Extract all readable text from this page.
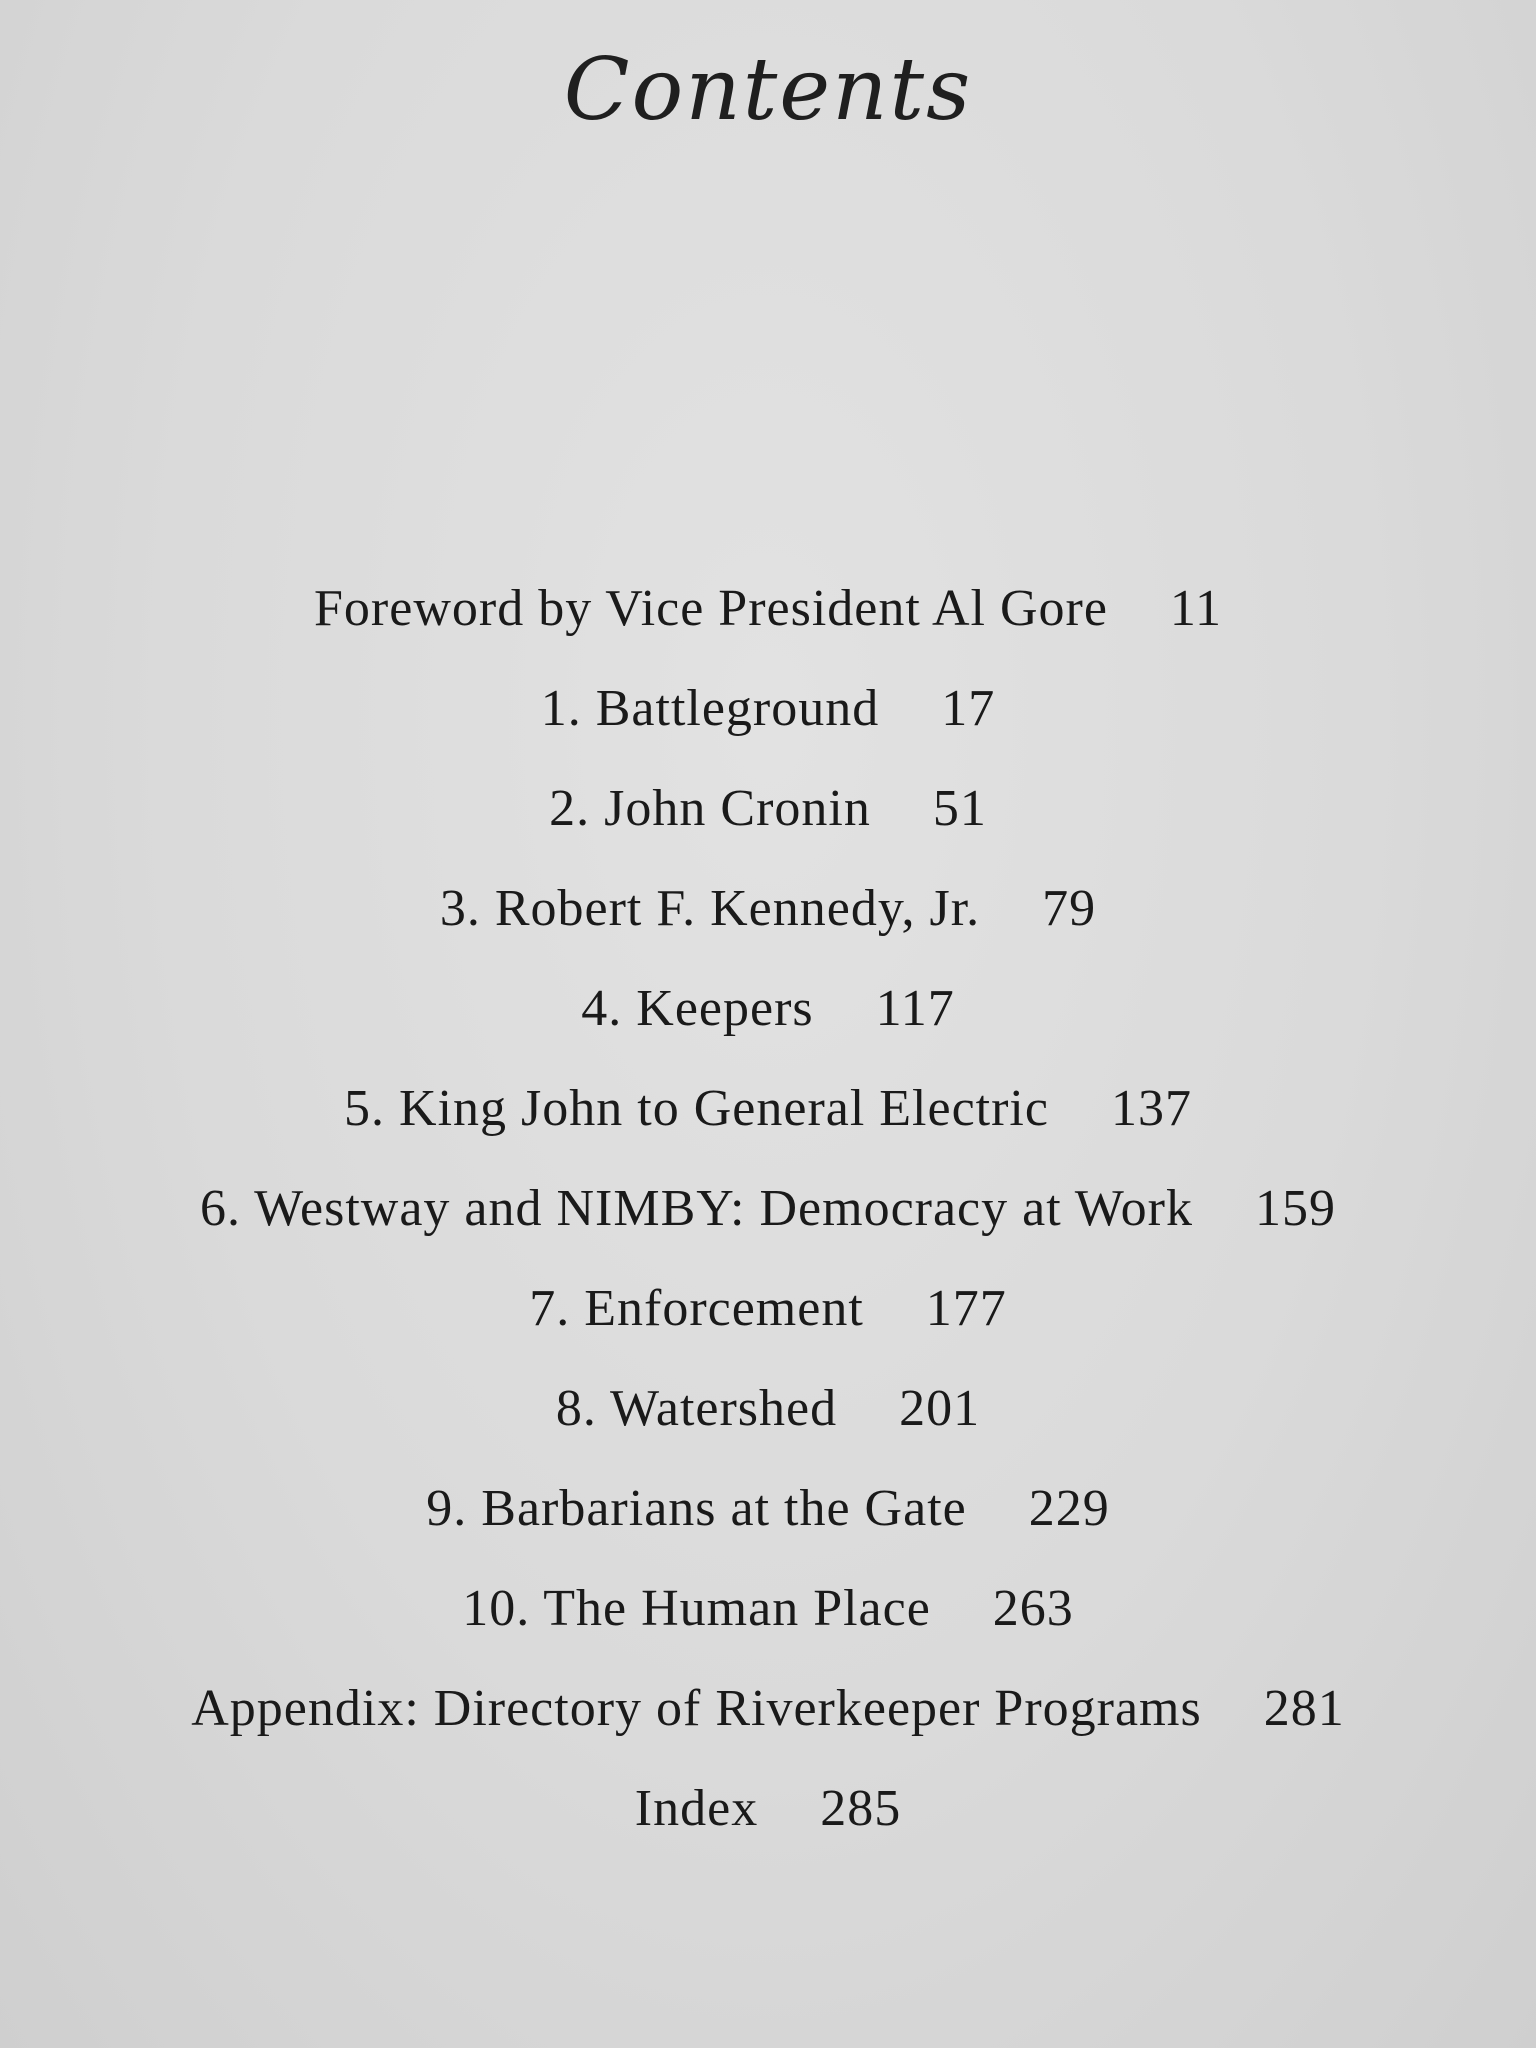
Contents
Foreword by Vice President Al Gore 11
1. Battleground 17
2. John Cronin 51
3. Robert F. Kennedy, Jr. 79
4. Keepers 117
5. King John to General Electric 137
6. Westway and NIMBY: Democracy at Work 159
7. Enforcement 177
8. Watershed 201
9. Barbarians at the Gate 229
10. The Human Place 263
Appendix: Directory of Riverkeeper Programs 281
Index 285
